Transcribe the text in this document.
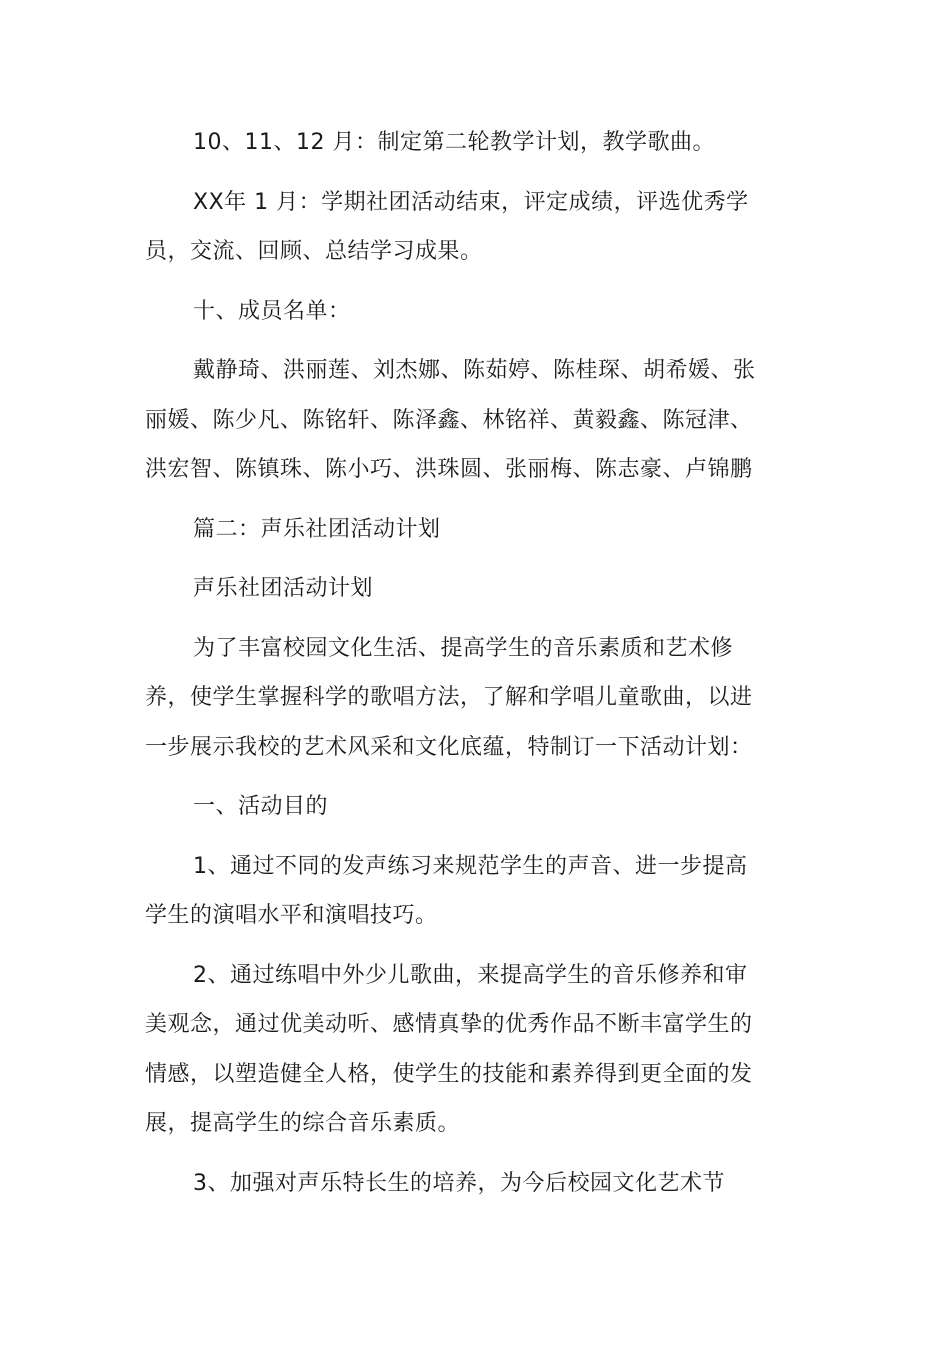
10、11、12 月：制定第二轮教学计划，教学歌曲。

XX年 1 月：学期社团活动结束，评定成绩，评选优秀学员，交流、回顾、总结学习成果。

十、成员名单：

戴静琦、洪丽莲、刘杰娜、陈茹婷、陈桂琛、胡希媛、张丽媛、陈少凡、陈铭轩、陈泽鑫、林铭祥、黄毅鑫、陈冠津、洪宏智、陈镇珠、陈小巧、洪珠圆、张丽梅、陈志豪、卢锦鹏

篇二：声乐社团活动计划

声乐社团活动计划

为了丰富校园文化生活、提高学生的音乐素质和艺术修养，使学生掌握科学的歌唱方法，了解和学唱儿童歌曲，以进一步展示我校的艺术风采和文化底蕴，特制订一下活动计划：

一、活动目的

1、通过不同的发声练习来规范学生的声音、进一步提高学生的演唱水平和演唱技巧。

2、通过练唱中外少儿歌曲，来提高学生的音乐修养和审美观念，通过优美动听、感情真挚的优秀作品不断丰富学生的情感，以塑造健全人格，使学生的技能和素养得到更全面的发展，提高学生的综合音乐素质。

3、加强对声乐特长生的培养，为今后校园文化艺术节
